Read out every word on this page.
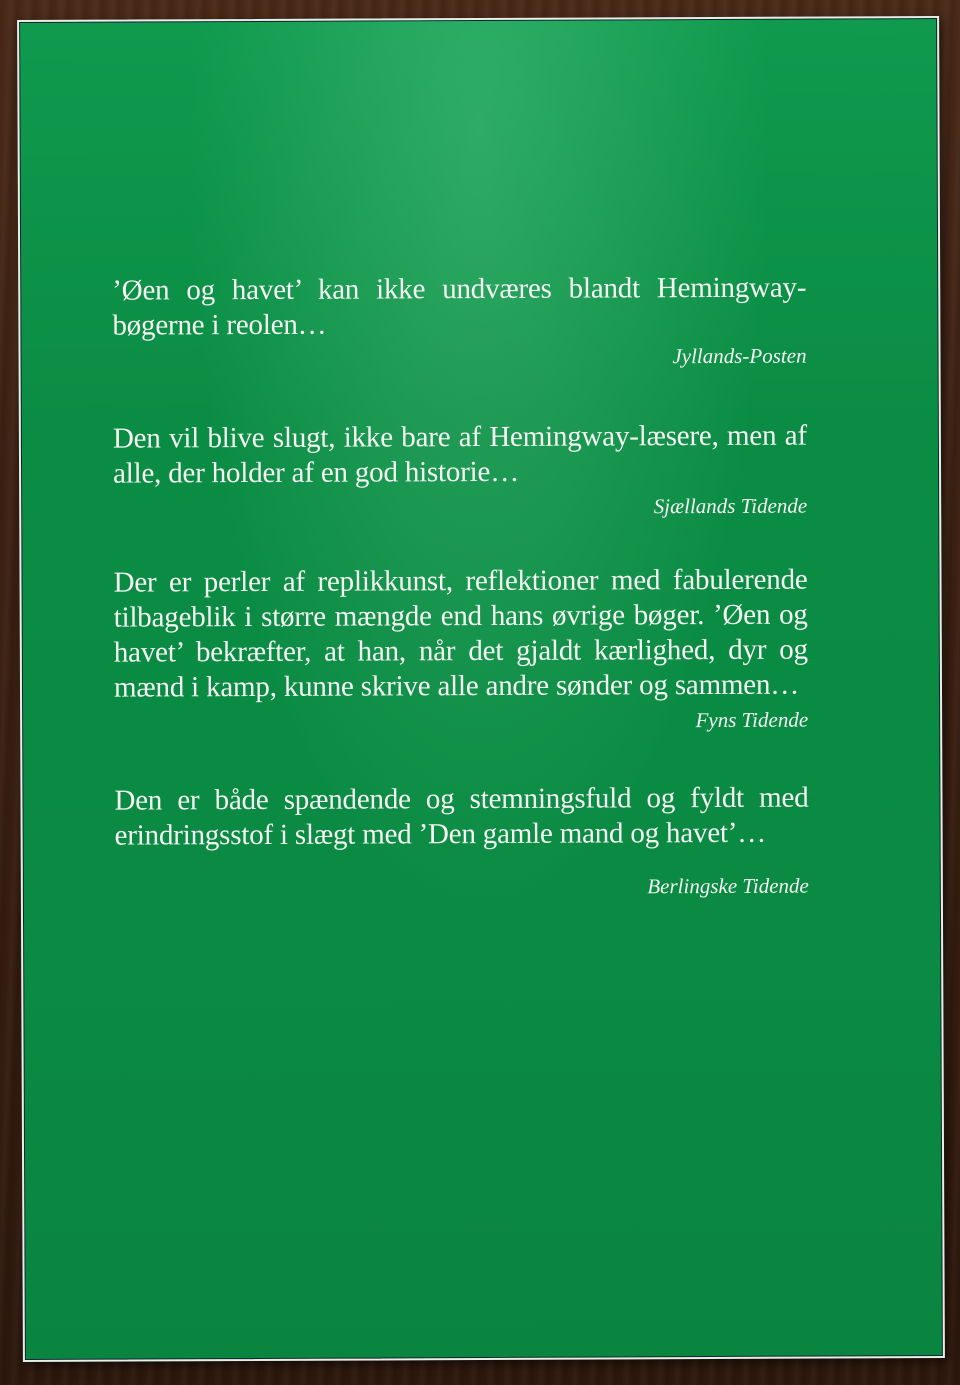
’Øen og havet’ kan ikke undværes blandt Hemingway-bøgerne i reolen…

Jyllands-Posten

Den vil blive slugt, ikke bare af Hemingway-læsere, men af alle, der holder af en god historie…

Sjællands Tidende

Der er perler af replikkunst, reflektioner med fabulerende tilbageblik i større mængde end hans øvrige bøger. ’Øen og havet’ bekræfter, at han, når det gjaldt kærlighed, dyr og mænd i kamp, kunne skrive alle andre sønder og sammen…

Fyns Tidende

Den er både spændende og stemningsfuld og fyldt med erindringsstof i slægt med ’Den gamle mand og havet’…

Berlingske Tidende
